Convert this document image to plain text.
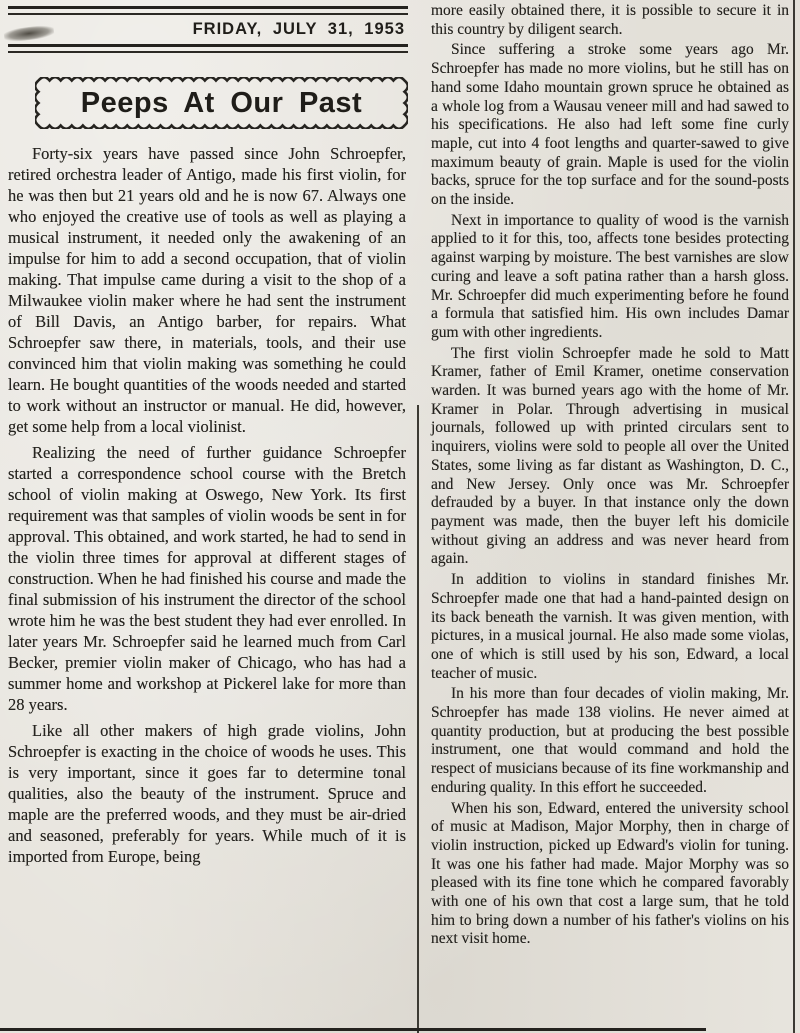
FRIDAY, JULY 31, 1953
Peeps At Our Past

Forty-six years have passed since John Schroepfer, retired orchestra leader of Antigo, made his first violin, for he was then but 21 years old and he is now 67. Always one who enjoyed the creative use of tools as well as playing a musical instrument, it needed only the awakening of an impulse for him to add a second occupation, that of violin making. That impulse came during a visit to the shop of a Milwaukee violin maker where he had sent the instrument of Bill Davis, an Antigo barber, for repairs. What Schroepfer saw there, in materials, tools, and their use convinced him that violin making was something he could learn. He bought quantities of the woods needed and started to work without an instructor or manual. He did, however, get some help from a local violinist.

Realizing the need of further guidance Schroepfer started a correspondence school course with the Bretch school of violin making at Oswego, New York. Its first requirement was that samples of violin woods be sent in for approval. This obtained, and work started, he had to send in the violin three times for approval at different stages of construction. When he had finished his course and made the final submission of his instrument the director of the school wrote him he was the best student they had ever enrolled. In later years Mr. Schroepfer said he learned much from Carl Becker, premier violin maker of Chicago, who has had a summer home and workshop at Pickerel lake for more than 28 years.

Like all other makers of high grade violins, John Schroepfer is exacting in the choice of woods he uses. This is very important, since it goes far to determine tonal qualities, also the beauty of the instrument. Spruce and maple are the preferred woods, and they must be air-dried and seasoned, preferably for years. While much of it is imported from Europe, being

more easily obtained there, it is possible to secure it in this country by diligent search.

Since suffering a stroke some years ago Mr. Schroepfer has made no more violins, but he still has on hand some Idaho mountain grown spruce he obtained as a whole log from a Wausau veneer mill and had sawed to his specifications. He also had left some fine curly maple, cut into 4 foot lengths and quarter-sawed to give maximum beauty of grain. Maple is used for the violin backs, spruce for the top surface and for the sound-posts on the inside.

Next in importance to quality of wood is the varnish applied to it for this, too, affects tone besides protecting against warping by moisture. The best varnishes are slow curing and leave a soft patina rather than a harsh gloss. Mr. Schroepfer did much experimenting before he found a formula that satisfied him. His own includes Damar gum with other ingredients.

The first violin Schroepfer made he sold to Matt Kramer, father of Emil Kramer, onetime conservation warden. It was burned years ago with the home of Mr. Kramer in Polar. Through advertising in musical journals, followed up with printed circulars sent to inquirers, violins were sold to people all over the United States, some living as far distant as Washington, D. C., and New Jersey. Only once was Mr. Schroepfer defrauded by a buyer. In that instance only the down payment was made, then the buyer left his domicile without giving an address and was never heard from again.

In addition to violins in standard finishes Mr. Schroepfer made one that had a hand-painted design on its back beneath the varnish. It was given mention, with pictures, in a musical journal. He also made some violas, one of which is still used by his son, Edward, a local teacher of music.

In his more than four decades of violin making, Mr. Schroepfer has made 138 violins. He never aimed at quantity production, but at producing the best possible instrument, one that would command and hold the respect of musicians because of its fine workmanship and enduring quality. In this effort he succeeded.

When his son, Edward, entered the university school of music at Madison, Major Morphy, then in charge of violin instruction, picked up Edward's violin for tuning. It was one his father had made. Major Morphy was so pleased with its fine tone which he compared favorably with one of his own that cost a large sum, that he told him to bring down a number of his father's violins on his next visit home.
